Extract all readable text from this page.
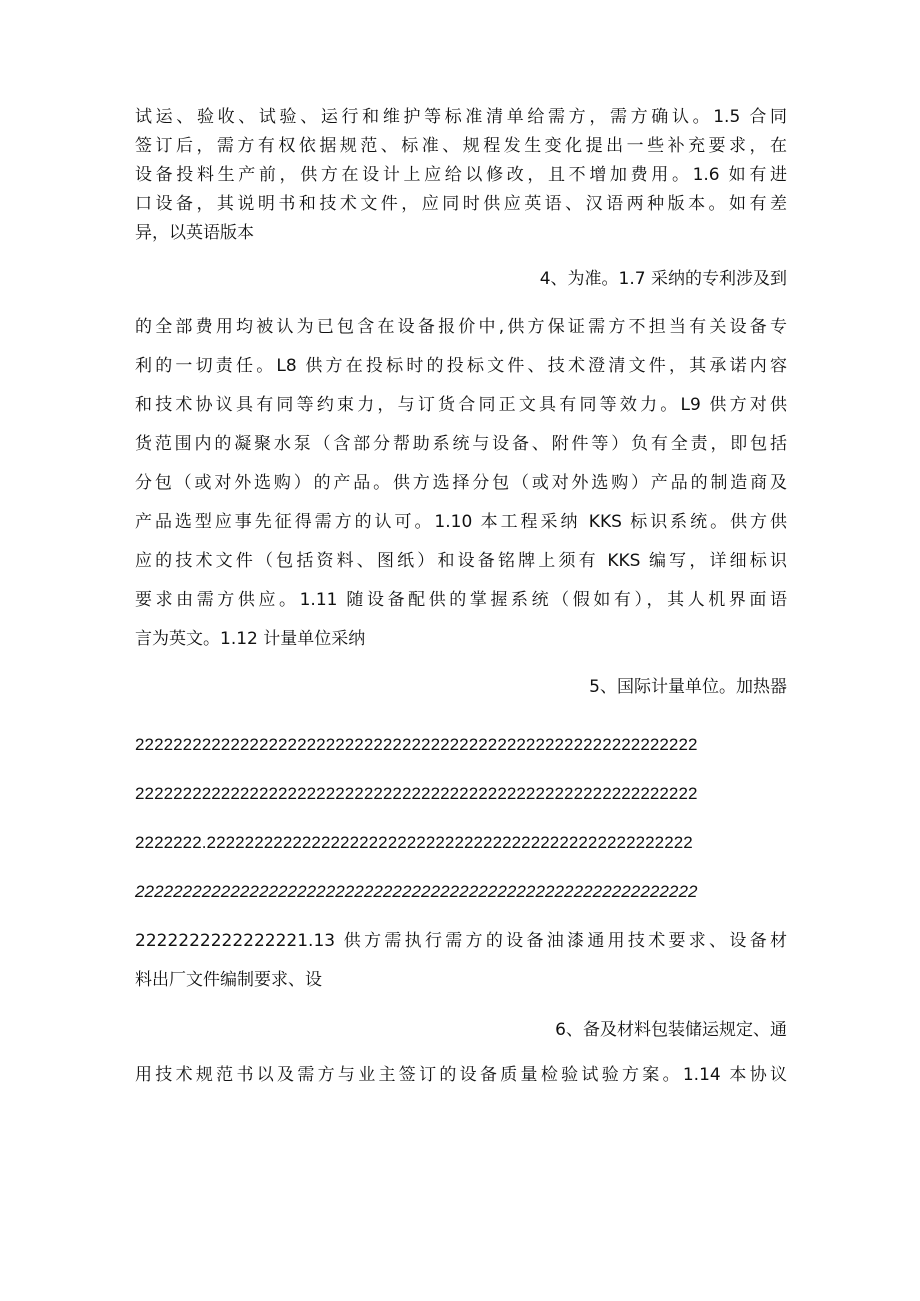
试运、验收、试验、运行和维护等标准清单给需方，需方确认。1.5 合同
签订后，需方有权依据规范、标准、规程发生变化提出一些补充要求，在
设备投料生产前，供方在设计上应给以修改，且不增加费用。1.6 如有进
口设备，其说明书和技术文件，应同时供应英语、汉语两种版本。如有差
异，以英语版本
4、为准。1.7 采纳的专利涉及到
的全部费用均被认为已包含在设备报价中,供方保证需方不担当有关设备专
利的一切责任。L8 供方在投标时的投标文件、技术澄清文件，其承诺内容
和技术协议具有同等约束力，与订货合同正文具有同等效力。L9 供方对供
货范围内的凝聚水泵（含部分帮助系统与设备、附件等）负有全责，即包括
分包（或对外选购）的产品。供方选择分包（或对外选购）产品的制造商及
产品选型应事先征得需方的认可。1.10 本工程采纳 KKS 标识系统。供方供
应的技术文件（包括资料、图纸）和设备铭牌上须有 KKS 编写，详细标识
要求由需方供应。1.11 随设备配供的掌握系统（假如有），其人机界面语
言为英文。1.12 计量单位采纳
5、国际计量单位。加热器
22222222222222222222222222222222222222222222222222222222222
22222222222222222222222222222222222222222222222222222222222
2222222.222222222222222222222222222222222222222222222222222
22222222222222222222222222222222222222222222222222222222222
2222222222222221.13 供方需执行需方的设备油漆通用技术要求、设备材
料出厂文件编制要求、设
6、备及材料包装储运规定、通
用技术规范书以及需方与业主签订的设备质量检验试验方案。1.14 本协议
